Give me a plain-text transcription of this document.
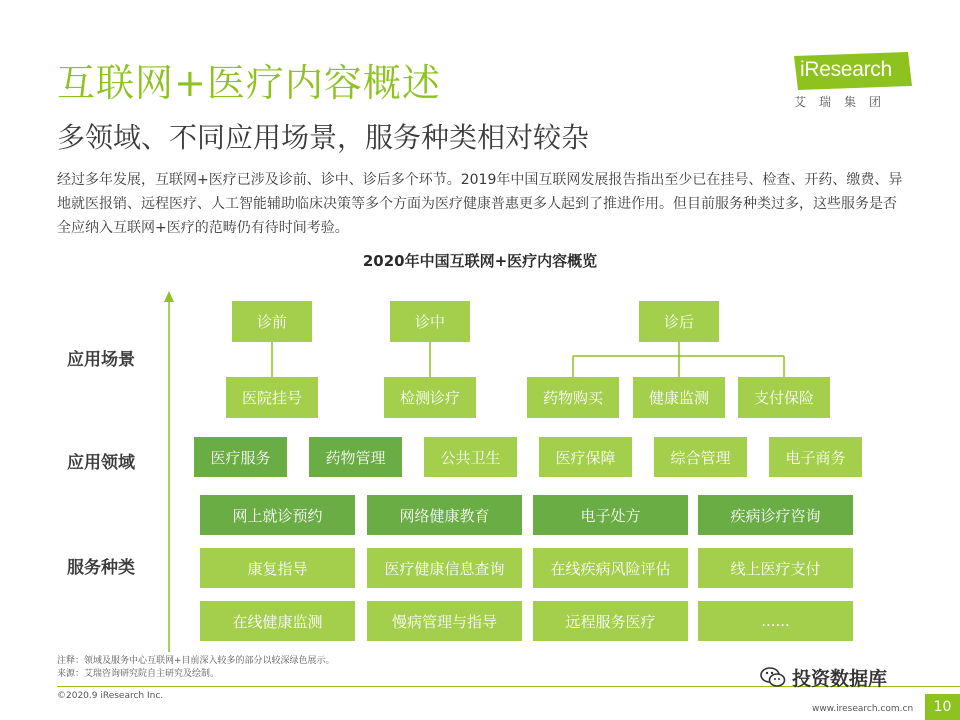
互联网+医疗内容概述
多领域、不同应用场景，服务种类相对较杂
经过多年发展，互联网+医疗已涉及诊前、诊中、诊后多个环节。2019年中国互联网发展报告指出至少已在挂号、检查、开药、缴费、异地就医报销、远程医疗、人工智能辅助临床决策等多个方面为医疗健康普惠更多人起到了推进作用。但目前服务种类过多，这些服务是否全应纳入互联网+医疗的范畴仍有待时间考验。
iResearch
艾瑞集团
2020年中国互联网+医疗内容概览
应用场景
应用领域
服务种类
诊前	诊中	诊后
医院挂号	检测诊疗	药物购买	健康监测	支付保险
医疗服务	药物管理	公共卫生	医疗保障	综合管理	电子商务
网上就诊预约	网络健康教育	电子处方	疾病诊疗咨询
康复指导	医疗健康信息查询	在线疾病风险评估	线上医疗支付
在线健康监测	慢病管理与指导	远程服务医疗	......
注释：领域及服务中心互联网+目前深入较多的部分以较深绿色展示。
来源：艾瑞咨询研究院自主研究及绘制。
©2020.9 iResearch Inc.
www.iresearch.com.cn	10
投资数据库
